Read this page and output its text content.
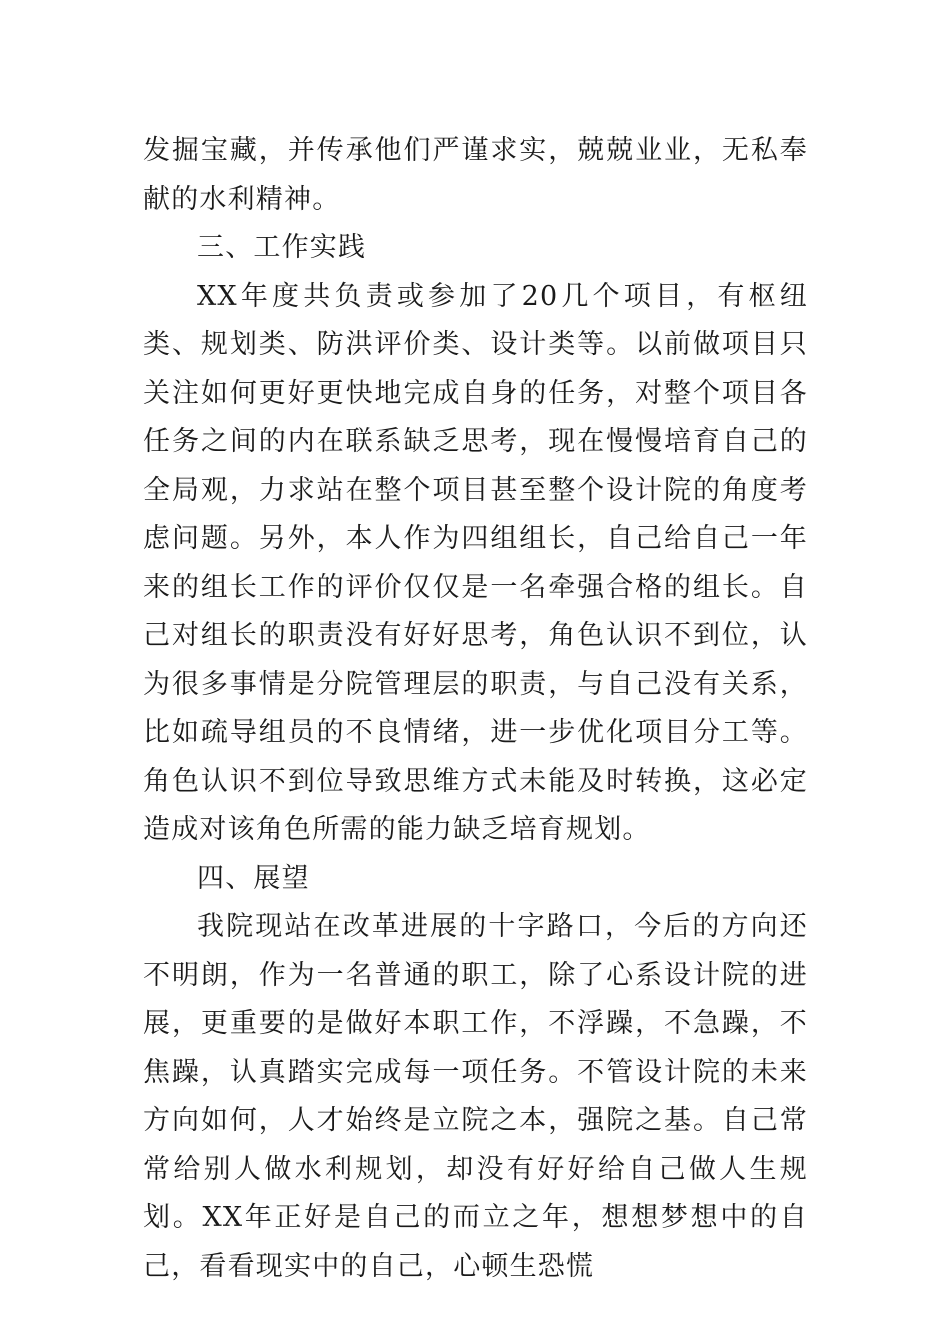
发掘宝藏，并传承他们严谨求实，兢兢业业，无私奉献的水利精神。

三、工作实践

XX年度共负责或参加了20几个项目，有枢纽类、规划类、防洪评价类、设计类等。以前做项目只关注如何更好更快地完成自身的任务，对整个项目各任务之间的内在联系缺乏思考，现在慢慢培育自己的全局观，力求站在整个项目甚至整个设计院的角度考虑问题。另外，本人作为四组组长，自己给自己一年来的组长工作的评价仅仅是一名牵强合格的组长。自己对组长的职责没有好好思考，角色认识不到位，认为很多事情是分院管理层的职责，与自己没有关系，比如疏导组员的不良情绪，进一步优化项目分工等。角色认识不到位导致思维方式未能及时转换，这必定造成对该角色所需的能力缺乏培育规划。

四、展望

我院现站在改革进展的十字路口，今后的方向还不明朗，作为一名普通的职工，除了心系设计院的进展，更重要的是做好本职工作，不浮躁，不急躁，不焦躁，认真踏实完成每一项任务。不管设计院的未来方向如何，人才始终是立院之本，强院之基。自己常常给别人做水利规划，却没有好好给自己做人生规划。XX年正好是自己的而立之年，想想梦想中的自己，看看现实中的自己，心顿生恐慌
